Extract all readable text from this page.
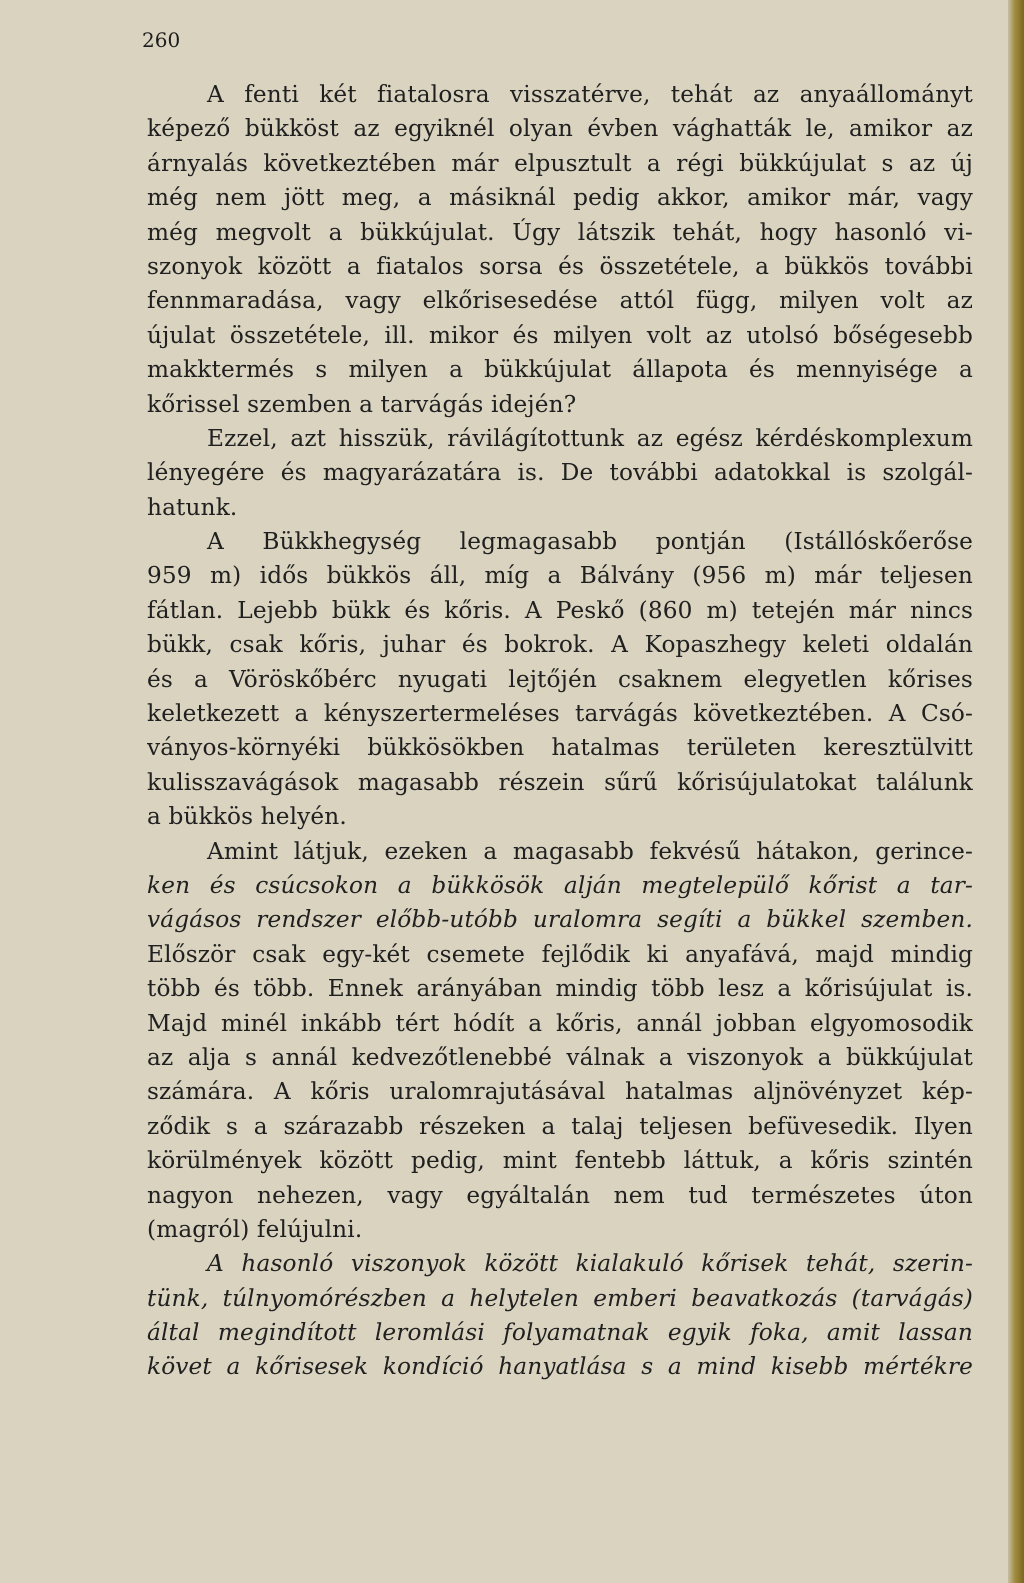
260
A fenti két fiatalosra visszatérve, tehát az anyaállományt
képező bükköst az egyiknél olyan évben vághatták le, amikor az
árnyalás következtében már elpusztult a régi bükkújulat s az új
még nem jött meg, a másiknál pedig akkor, amikor már, vagy
még megvolt a bükkújulat. Úgy látszik tehát, hogy hasonló vi-
szonyok között a fiatalos sorsa és összetétele, a bükkös további
fennmaradása, vagy elkőrisesedése attól függ, milyen volt az
újulat összetétele, ill. mikor és milyen volt az utolsó bőségesebb
makktermés s milyen a bükkújulat állapota és mennyisége a
kőrissel szemben a tarvágás idején?
Ezzel, azt hisszük, rávilágítottunk az egész kérdéskomplexum
lényegére és magyarázatára is. De további adatokkal is szolgál-
hatunk.
A Bükkhegység legmagasabb pontján (Istállóskőerőse
959 m) idős bükkös áll, míg a Bálvány (956 m) már teljesen
fátlan. Lejebb bükk és kőris. A Peskő (860 m) tetején már nincs
bükk, csak kőris, juhar és bokrok. A Kopaszhegy keleti oldalán
és a Vöröskőbérc nyugati lejtőjén csaknem elegyetlen kőrises
keletkezett a kényszertermeléses tarvágás következtében. A Csó-
ványos-környéki bükkösökben hatalmas területen keresztülvitt
kulisszavágások magasabb részein sűrű kőrisújulatokat találunk
a bükkös helyén.
Amint látjuk, ezeken a magasabb fekvésű hátakon, gerince-
ken és csúcsokon a bükkösök alján megtelepülő kőrist a tar-
vágásos rendszer előbb-utóbb uralomra segíti a bükkel szemben.
Először csak egy-két csemete fejlődik ki anyafává, majd mindig
több és több. Ennek arányában mindig több lesz a kőrisújulat is.
Majd minél inkább tért hódít a kőris, annál jobban elgyomosodik
az alja s annál kedvezőtlenebbé válnak a viszonyok a bükkújulat
számára. A kőris uralomrajutásával hatalmas aljnövényzet kép-
ződik s a szárazabb részeken a talaj teljesen befüvesedik. Ilyen
körülmények között pedig, mint fentebb láttuk, a kőris szintén
nagyon nehezen, vagy egyáltalán nem tud természetes úton
(magról) felújulni.
A hasonló viszonyok között kialakuló kőrisek tehát, szerin-
tünk, túlnyomórészben a helytelen emberi beavatkozás (tarvágás)
által megindított leromlási folyamatnak egyik foka, amit lassan
követ a kőrisesek kondíció hanyatlása s a mind kisebb mértékre
